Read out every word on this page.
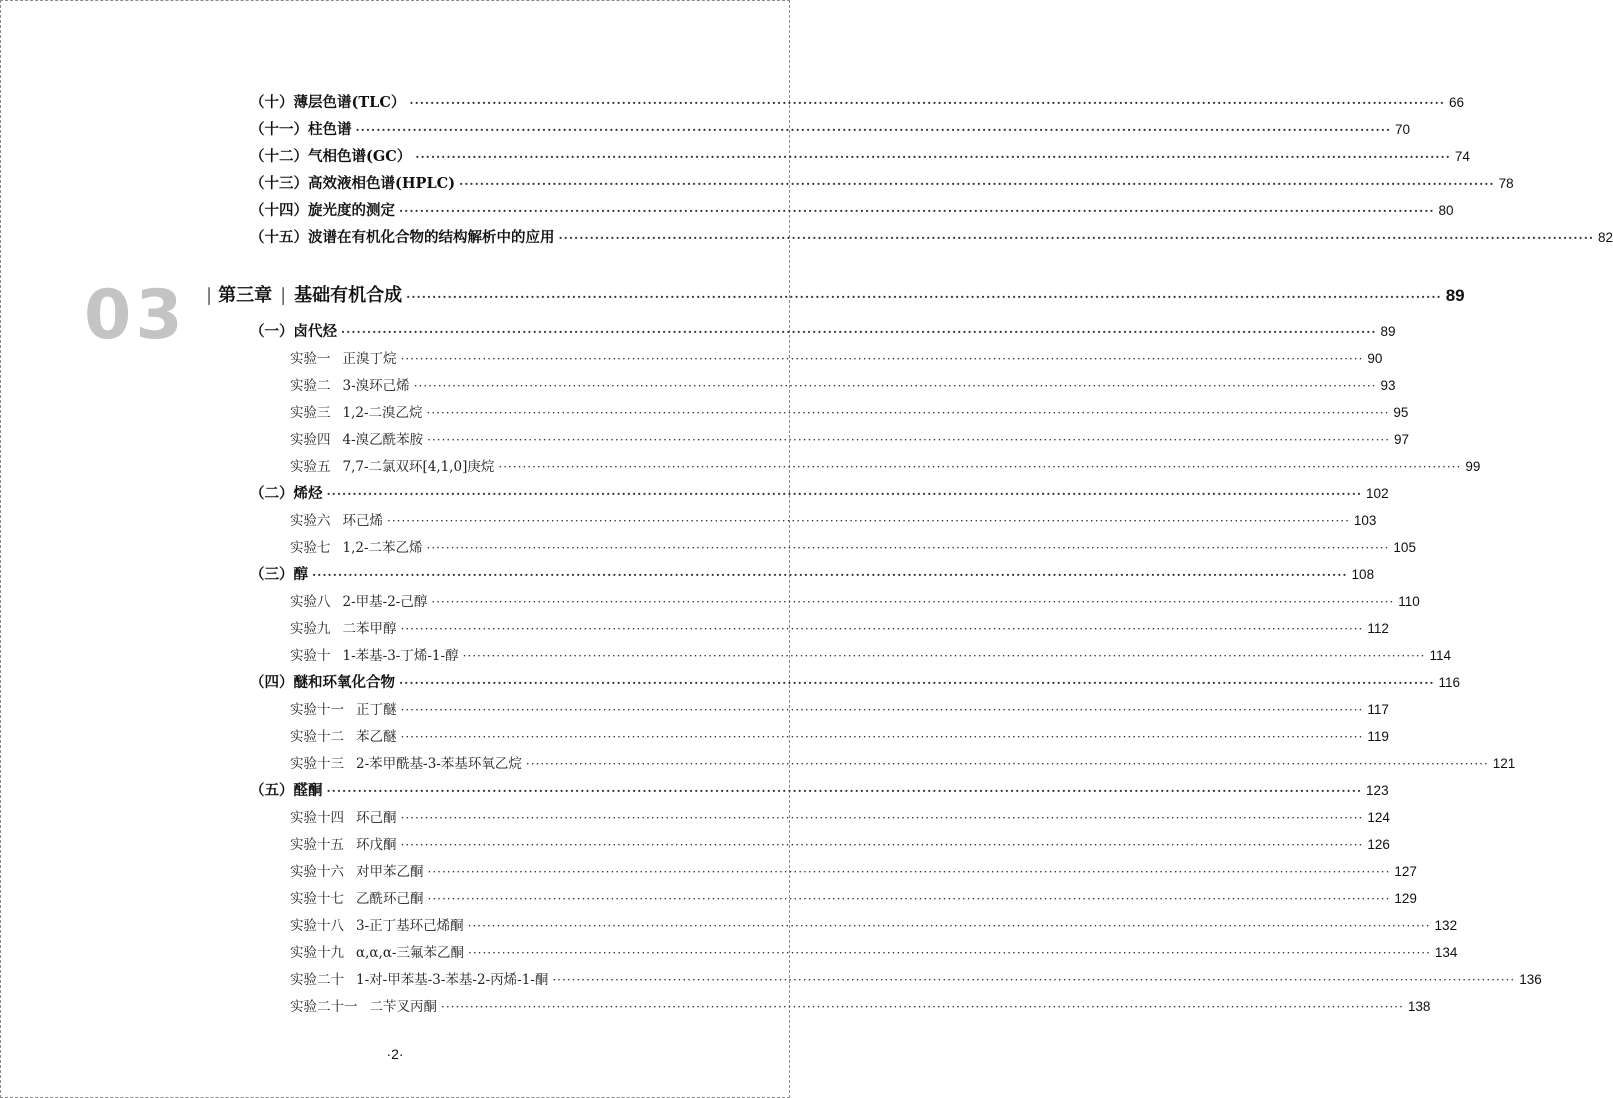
03
（十）薄层色谱(TLC） ········································································································································································································ 66
（十一）柱色谱 ········································································································································································································ 70
（十二）气相色谱(GC） ········································································································································································································ 74
（十三）高效液相色谱(HPLC) ········································································································································································································ 78
（十四）旋光度的测定 ········································································································································································································ 80
（十五）波谱在有机化合物的结构解析中的应用 ········································································································································································································ 82
| 第三章 | 基础有机合成 ········································································································································································································ 89
（一）卤代烃 ········································································································································································································ 89
实验一 正溴丁烷 ········································································································································································································ 90
实验二 3-溴环己烯 ········································································································································································································ 93
实验三 1,2-二溴乙烷 ········································································································································································································ 95
实验四 4-溴乙酰苯胺 ········································································································································································································ 97
实验五 7,7-二氯双环[4,1,0]庚烷 ········································································································································································································ 99
（二）烯烃 ········································································································································································································ 102
实验六 环己烯 ········································································································································································································ 103
实验七 1,2-二苯乙烯 ········································································································································································································ 105
（三）醇 ········································································································································································································ 108
实验八 2-甲基-2-己醇 ········································································································································································································ 110
实验九 二苯甲醇 ········································································································································································································ 112
实验十 1-苯基-3-丁烯-1-醇 ········································································································································································································ 114
（四）醚和环氧化合物 ········································································································································································································ 116
实验十一 正丁醚 ········································································································································································································ 117
实验十二 苯乙醚 ········································································································································································································ 119
实验十三 2-苯甲酰基-3-苯基环氧乙烷 ········································································································································································································ 121
（五）醛酮 ········································································································································································································ 123
实验十四 环己酮 ········································································································································································································ 124
实验十五 环戊酮 ········································································································································································································ 126
实验十六 对甲苯乙酮 ········································································································································································································ 127
实验十七 乙酰环己酮 ········································································································································································································ 129
实验十八 3-正丁基环己烯酮 ········································································································································································································ 132
实验十九 α,α,α-三氟苯乙酮 ········································································································································································································ 134
实验二十 1-对-甲苯基-3-苯基-2-丙烯-1-酮 ········································································································································································································ 136
实验二十一 二苄叉丙酮 ········································································································································································································ 138
·2·
